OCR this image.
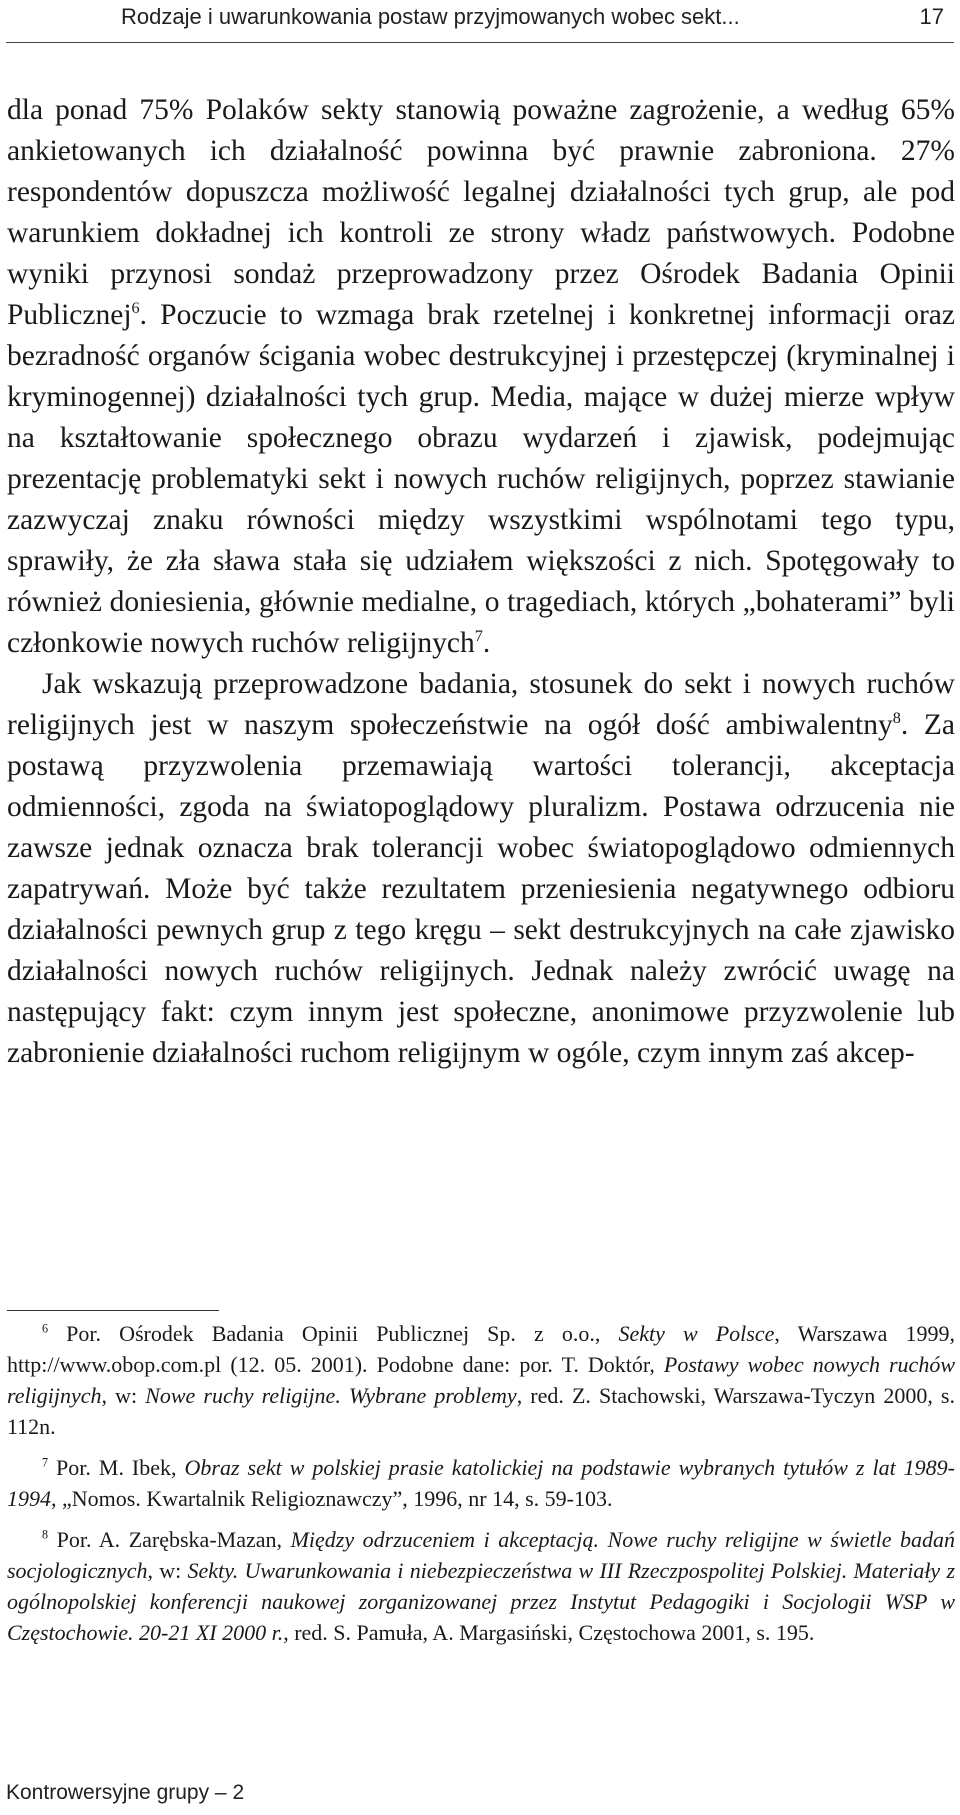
Rodzaje i uwarunkowania postaw przyjmowanych wobec sekt...	17

dla ponad 75% Polaków sekty stanowią poważne zagrożenie, a według 65% ankietowanych ich działalność powinna być prawnie zabroniona. 27% respondentów dopuszcza możliwość legalnej działalności tych grup, ale pod warunkiem dokładnej ich kontroli ze strony władz państwowych. Podobne wyniki przynosi sondaż przeprowadzony przez Ośrodek Badania Opinii Publicznej$^6$. Poczucie to wzmaga brak rzetelnej i konkretnej informacji oraz bezradność organów ścigania wobec destrukcyjnej i przestępczej (kryminalnej i kryminogennej) działalności tych grup. Media, mające w dużej mierze wpływ na kształtowanie społecznego obrazu wydarzeń i zjawisk, podejmując prezentację problematyki sekt i nowych ruchów religijnych, poprzez stawianie zazwyczaj znaku równości między wszystkimi wspólnotami tego typu, sprawiły, że zła sława stała się udziałem większości z nich. Spotęgowały to również doniesienia, głównie medialne, o tragediach, których „bohaterami” byli członkowie nowych ruchów religijnych$^7$.

Jak wskazują przeprowadzone badania, stosunek do sekt i nowych ruchów religijnych jest w naszym społeczeństwie na ogół dość ambiwalentny$^8$. Za postawą przyzwolenia przemawiają wartości tolerancji, akceptacja odmienności, zgoda na światopoglądowy pluralizm. Postawa odrzucenia nie zawsze jednak oznacza brak tolerancji wobec światopoglądowo odmiennych zapatrywań. Może być także rezultatem przeniesienia negatywnego odbioru działalności pewnych grup z tego kręgu – sekt destrukcyjnych na całe zjawisko działalności nowych ruchów religijnych. Jednak należy zwrócić uwagę na następujący fakt: czym innym jest społeczne, anonimowe przyzwolenie lub zabronienie działalności ruchom religijnym w ogóle, czym innym zaś akcep-

$^6$ Por. Ośrodek Badania Opinii Publicznej Sp. z o.o., Sekty w Polsce, Warszawa 1999, http://www.obop.com.pl (12. 05. 2001). Podobne dane: por. T. Doktór, Postawy wobec nowych ruchów religijnych, w: Nowe ruchy religijne. Wybrane problemy, red. Z. Stachowski, Warszawa-Tyczyn 2000, s. 112n.

$^7$ Por. M. Ibek, Obraz sekt w polskiej prasie katolickiej na podstawie wybranych tytułów z lat 1989-1994, „Nomos. Kwartalnik Religioznawczy”, 1996, nr 14, s. 59-103.

$^8$ Por. A. Zarębska-Mazan, Między odrzuceniem i akceptacją. Nowe ruchy religijne w świetle badań socjologicznych, w: Sekty. Uwarunkowania i niebezpieczeństwa w III Rzeczpospolitej Polskiej. Materiały z ogólnopolskiej konferencji naukowej zorganizowanej przez Instytut Pedagogiki i Socjologii WSP w Częstochowie. 20-21 XI 2000 r., red. S. Pamuła, A. Margasiński, Częstochowa 2001, s. 195.

Kontrowersyjne grupy – 2
